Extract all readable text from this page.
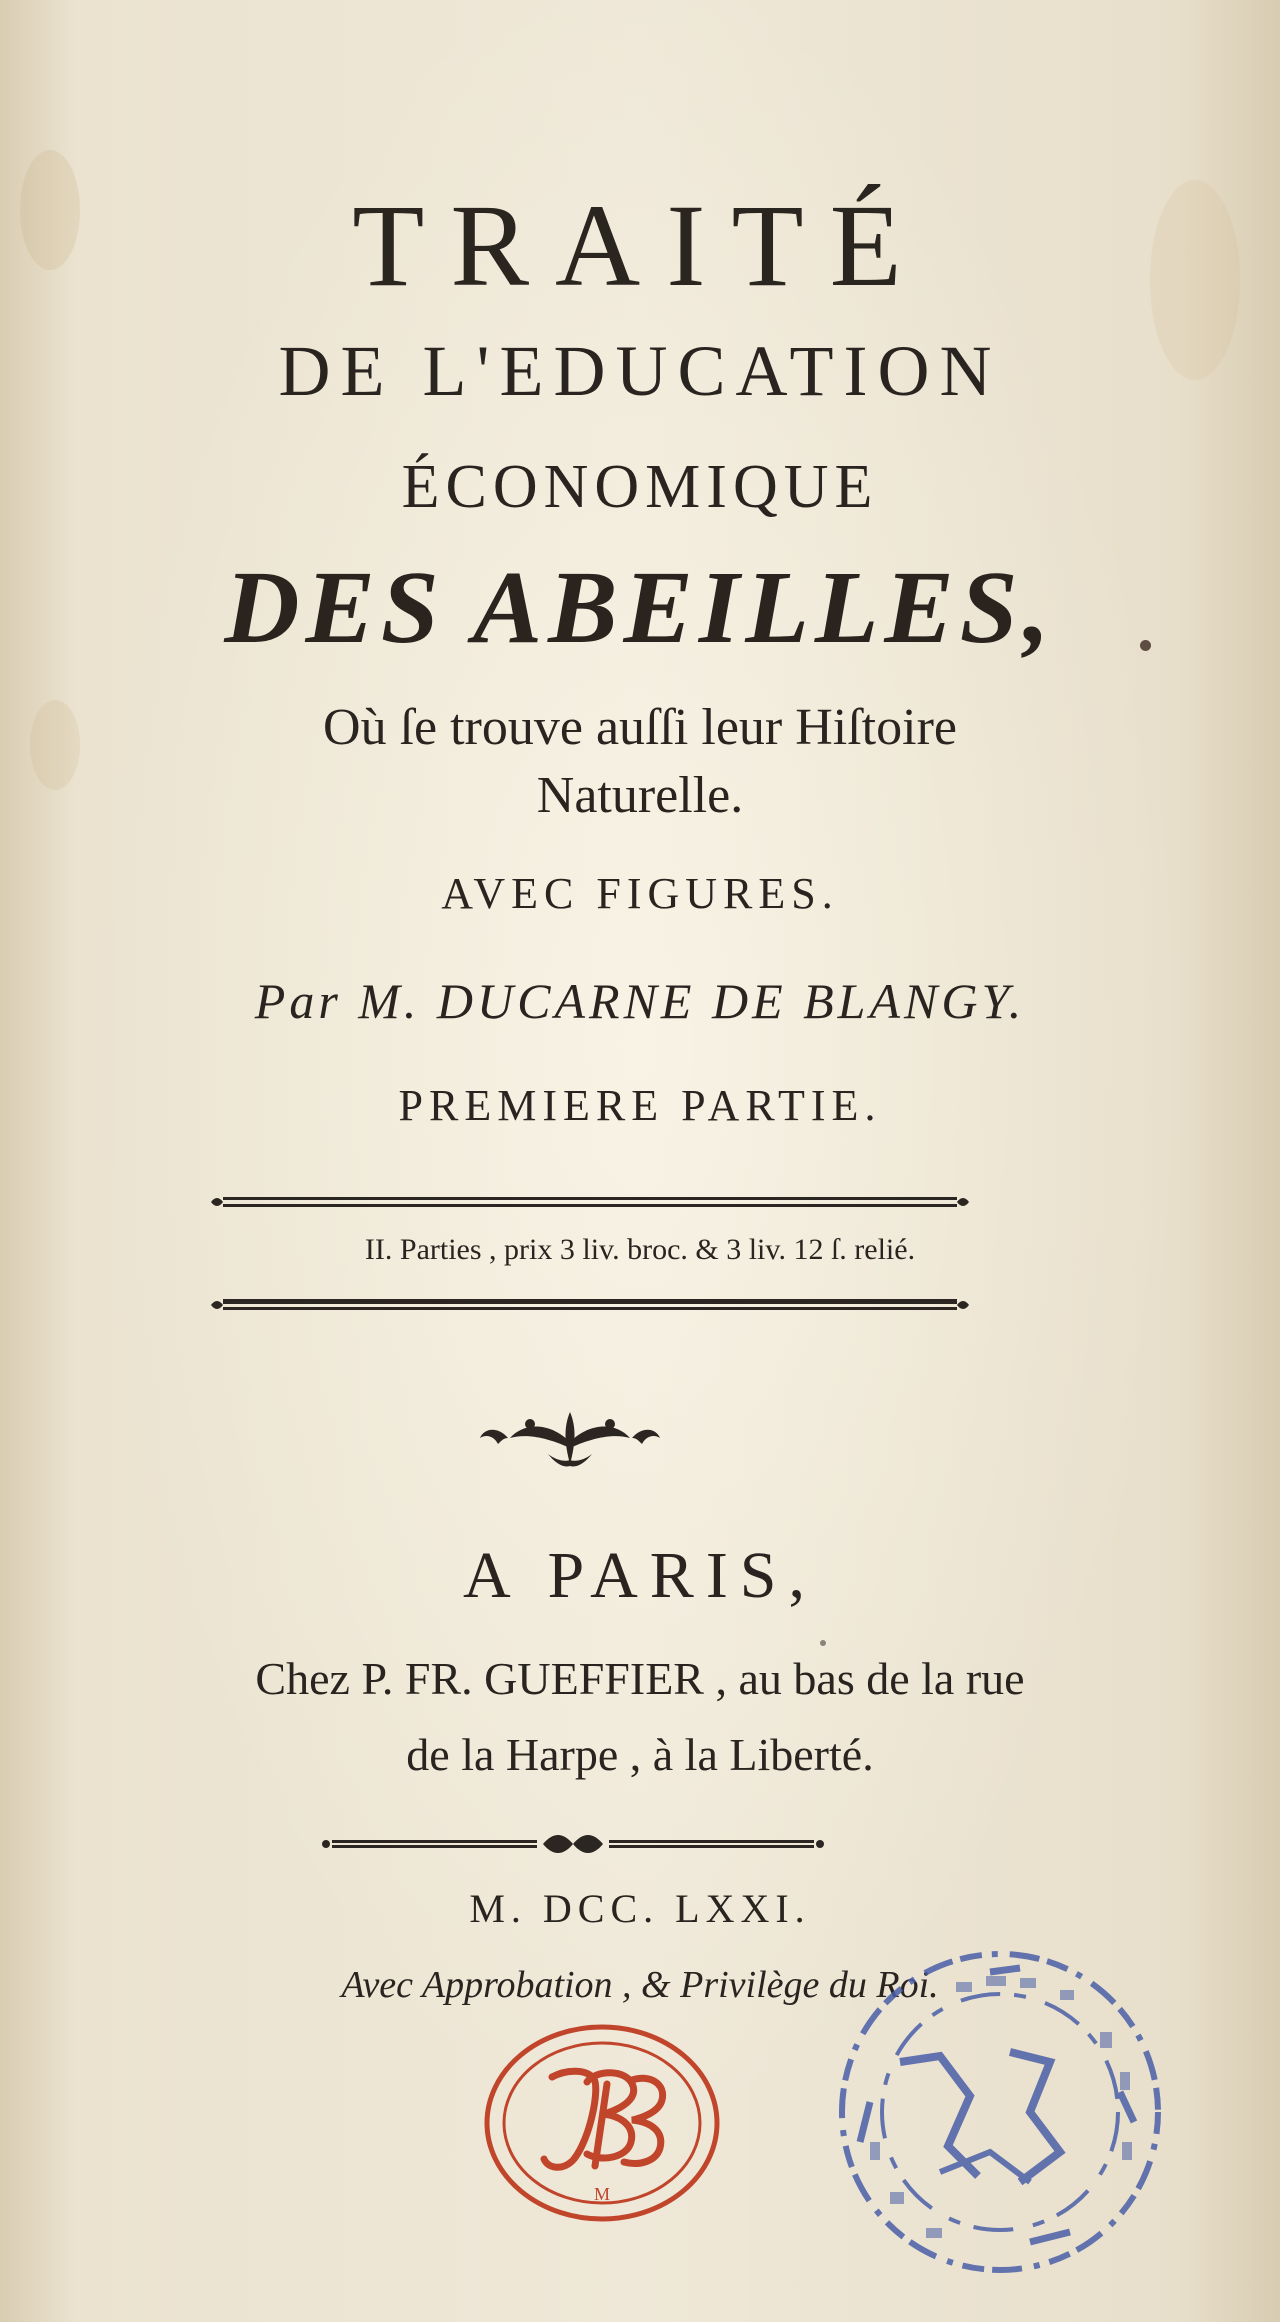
TRAITÉ
DE L'EDUCATION
ÉCONOMIQUE
DES ABEILLES,
Où ſe trouve auſſi leur Hiſtoire
Naturelle.
AVEC FIGURES.
Par M. DUCARNE DE BLANGY.
PREMIERE PARTIE.
II. Parties , prix 3 liv. broc. & 3 liv. 12 ſ. relié.
A PARIS,
Chez P. FR. GUEFFIER , au bas de la rue
de la Harpe , à la Liberté.
M. DCC. LXXI.
Avec Approbation , & Privilège du Roi.
M
